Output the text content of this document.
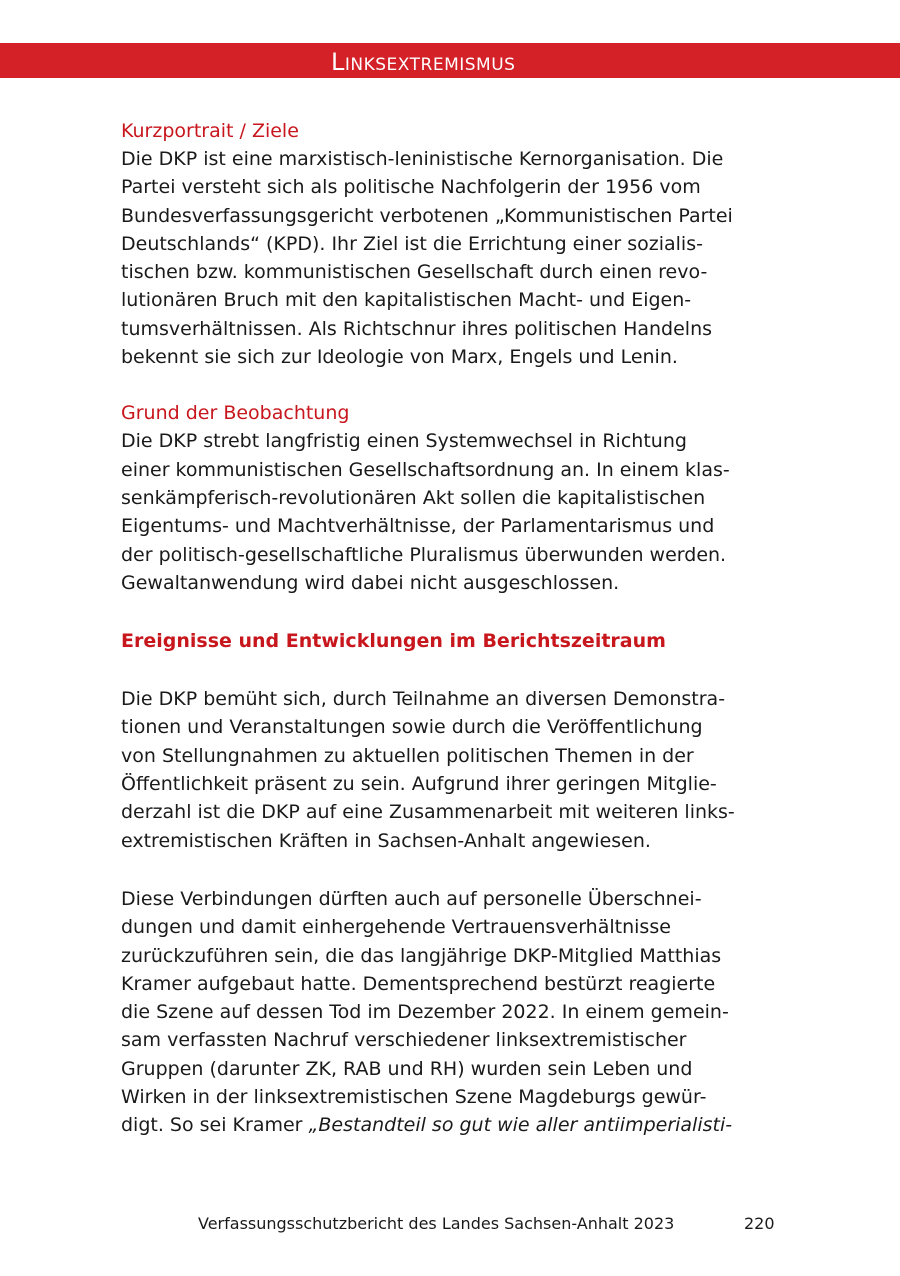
Linksextremismus

Kurzportrait / Ziele

Die DKP ist eine marxistisch-leninistische Kernorganisation. Die

Partei versteht sich als politische Nachfolgerin der 1956 vom

Bundesverfassungsgericht verbotenen „Kommunistischen Partei

Deutschlands“ (KPD). Ihr Ziel ist die Errichtung einer sozialis-

tischen bzw. kommunistischen Gesellschaft durch einen revo-

lutionären Bruch mit den kapitalistischen Macht- und Eigen-

tumsverhältnissen. Als Richtschnur ihres politischen Handelns

bekennt sie sich zur Ideologie von Marx, Engels und Lenin.

Grund der Beobachtung

Die DKP strebt langfristig einen Systemwechsel in Richtung

einer kommunistischen Gesellschaftsordnung an. In einem klas-

senkämpferisch-revolutionären Akt sollen die kapitalistischen

Eigentums- und Machtverhältnisse, der Parlamentarismus und

der politisch-gesellschaftliche Pluralismus überwunden werden.

Gewaltanwendung wird dabei nicht ausgeschlossen.

Ereignisse und Entwicklungen im Berichtszeitraum

Die DKP bemüht sich, durch Teilnahme an diversen Demonstra-

tionen und Veranstaltungen sowie durch die Veröffentlichung

von Stellungnahmen zu aktuellen politischen Themen in der

Öffentlichkeit präsent zu sein. Aufgrund ihrer geringen Mitglie-

derzahl ist die DKP auf eine Zusammenarbeit mit weiteren links-

extremistischen Kräften in Sachsen-Anhalt angewiesen.

Diese Verbindungen dürften auch auf personelle Überschnei-

dungen und damit einhergehende Vertrauensverhältnisse

zurückzuführen sein, die das langjährige DKP-Mitglied Matthias

Kramer aufgebaut hatte. Dementsprechend bestürzt reagierte

die Szene auf dessen Tod im Dezember 2022. In einem gemein-

sam verfassten Nachruf verschiedener linksextremistischer

Gruppen (darunter ZK, RAB und RH) wurden sein Leben und

Wirken in der linksextremistischen Szene Magdeburgs gewür-

digt. So sei Kramer „Bestandteil so gut wie aller antiimperialisti-

Verfassungsschutzbericht des Landes Sachsen-Anhalt 2023	220
